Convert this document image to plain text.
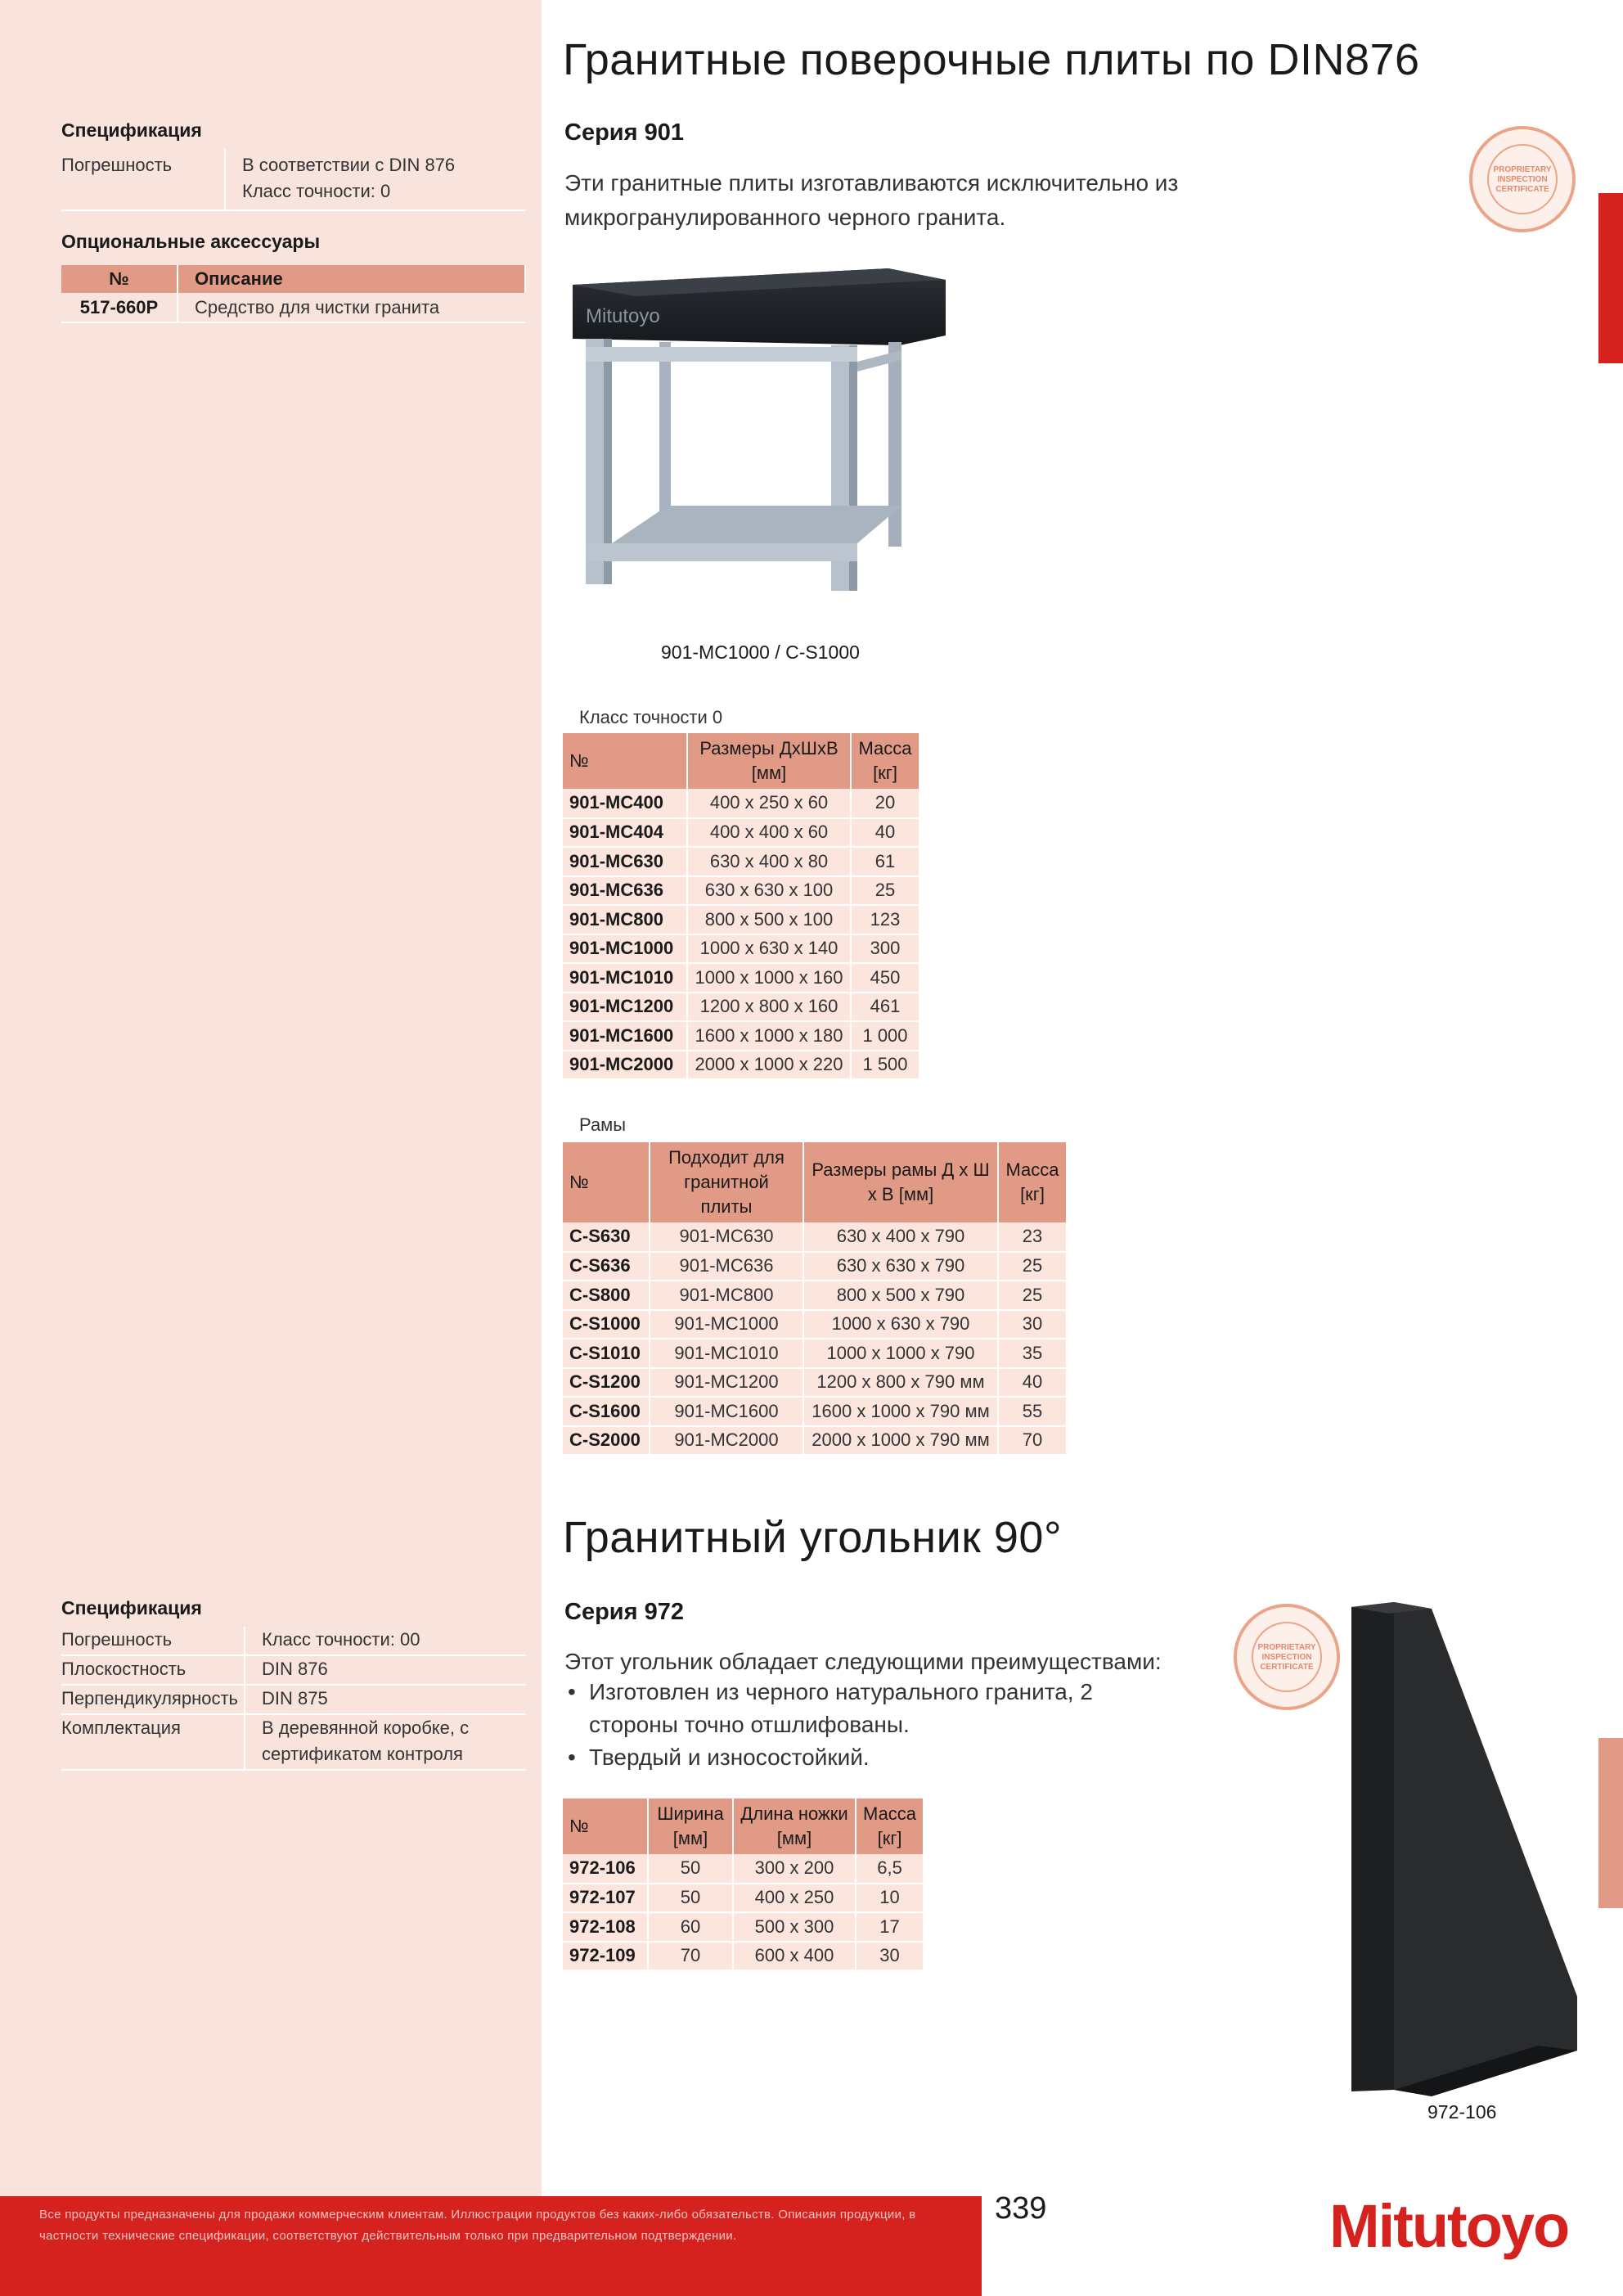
Гранитные поверочные плиты по DIN876
Серия 901
Эти гранитные плиты изготавливаются исключительно из микрогранулированного черного гранита.
PROPRIETARY INSPECTION CERTIFICATE
Спецификация
Погрешность	В соответствии с DIN 876
Класс точности: 0
Опциональные аксессуары
№	Описание
517-660P	Средство для чистки гранита	Mitutoyo
901-MC1000 / C-S1000
Класс точности 0
№	Размеры ДхШхВ [мм]	Масса [кг]
901-MC400	400 x 250 x 60	20
901-MC404	400 x 400 x 60	40
901-MC630	630 x 400 x 80	61
901-MC636	630 x 630 x 100	25
901-MC800	800 x 500 x 100	123
901-MC1000	1000 x 630 x 140	300
901-MC1010	1000 x 1000 x 160	450
901-MC1200	1200 x 800 x 160	461
901-MC1600	1600 x 1000 x 180	1 000
901-MC2000	2000 x 1000 x 220	1 500
Рамы
№	Подходит для гранитной плиты	Размеры рамы Д х Ш х В [мм]	Масса [кг]
C-S630	901-MC630	630 x 400 x 790	23
C-S636	901-MC636	630 x 630 x 790	25
C-S800	901-MC800	800 x 500 x 790	25
C-S1000	901-MC1000	1000 x 630 x 790	30
C-S1010	901-MC1010	1000 x 1000 x 790	35
C-S1200	901-MC1200	1200 x 800 x 790 мм	40
C-S1600	901-MC1600	1600 x 1000 x 790 мм	55
C-S2000	901-MC2000	2000 x 1000 x 790 мм	70
Гранитный угольник 90°
Серия 972
Этот угольник обладает следующими преимуществами:
• Изготовлен из черного натурального гранита, 2 стороны точно отшлифованы.
• Твердый и износостойкий.
PROPRIETARY INSPECTION CERTIFICATE
972-106
Спецификация
Погрешность	Класс точности: 00
Плоскостность	DIN 876
Перпендикулярность	DIN 875
Комплектация	В деревянной коробке, с сертификатом контроля
№	Ширина [мм]	Длина ножки [мм]	Масса [кг]
972-106	50	300 x 200	6,5
972-107	50	400 x 250	10
972-108	60	500 x 300	17
972-109	70	600 x 400	30
Все продукты предназначены для продажи коммерческим клиентам. Иллюстрации продуктов без каких-либо обязательств. Описания продукции, в частности технические спецификации, соответствуют действительным только при предварительном подтверждении.
339	Mitutoyo
